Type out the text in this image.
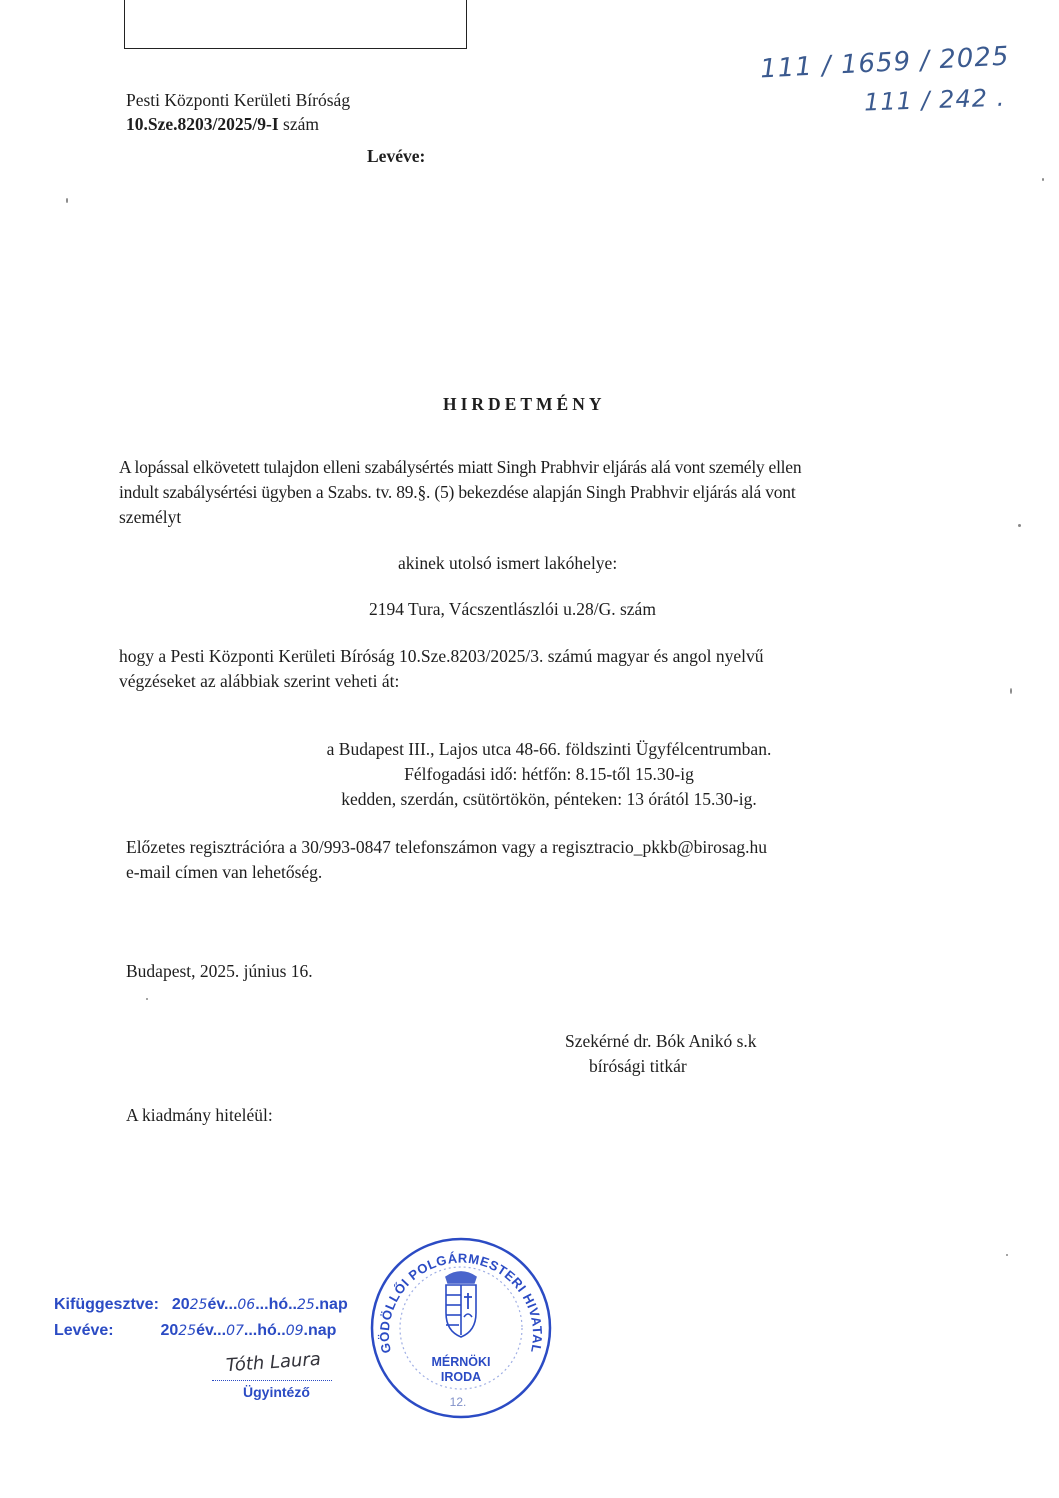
111 / 1659 / 2025
111 / 242 .
Pesti Központi Kerületi Bíróság
10.Sze.8203/2025/9-I szám
Levéve:
HIRDETMÉNY
A lopással elkövetett tulajdon elleni szabálysértés miatt Singh Prabhvir eljárás alá vont személy ellen
indult szabálysértési ügyben a Szabs. tv. 89.§. (5) bekezdése alapján Singh Prabhvir eljárás alá vont
személyt
akinek utolsó ismert lakóhelye:
2194 Tura, Vácszentlászlói u.28/G. szám
hogy a Pesti Központi Kerületi Bíróság 10.Sze.8203/2025/3. számú magyar és angol nyelvű
végzéseket az alábbiak szerint veheti át:
a Budapest III., Lajos utca 48-66. földszinti Ügyfélcentrumban.
Félfogadási idő: hétfőn: 8.15-től 15.30-ig
kedden, szerdán, csütörtökön, pénteken: 13 órától 15.30-ig.
Előzetes regisztrációra a 30/993-0847 telefonszámon vagy a regisztracio_pkkb@birosag.hu
e-mail címen van lehetőség.
Budapest, 2025. június 16.
Szekérné dr. Bók Anikó s.k
bírósági titkár
A kiadmány hiteléül:
Kifüggesztve: 2025év...06...hó..25.nap
Levéve:	2025év...07...hó..09.nap
Tóth Laura
Ügyintéző
GÖDÖLLŐI POLGÁRMESTERI HIVATAL
MÉRNÖKI
IRODA
12.
